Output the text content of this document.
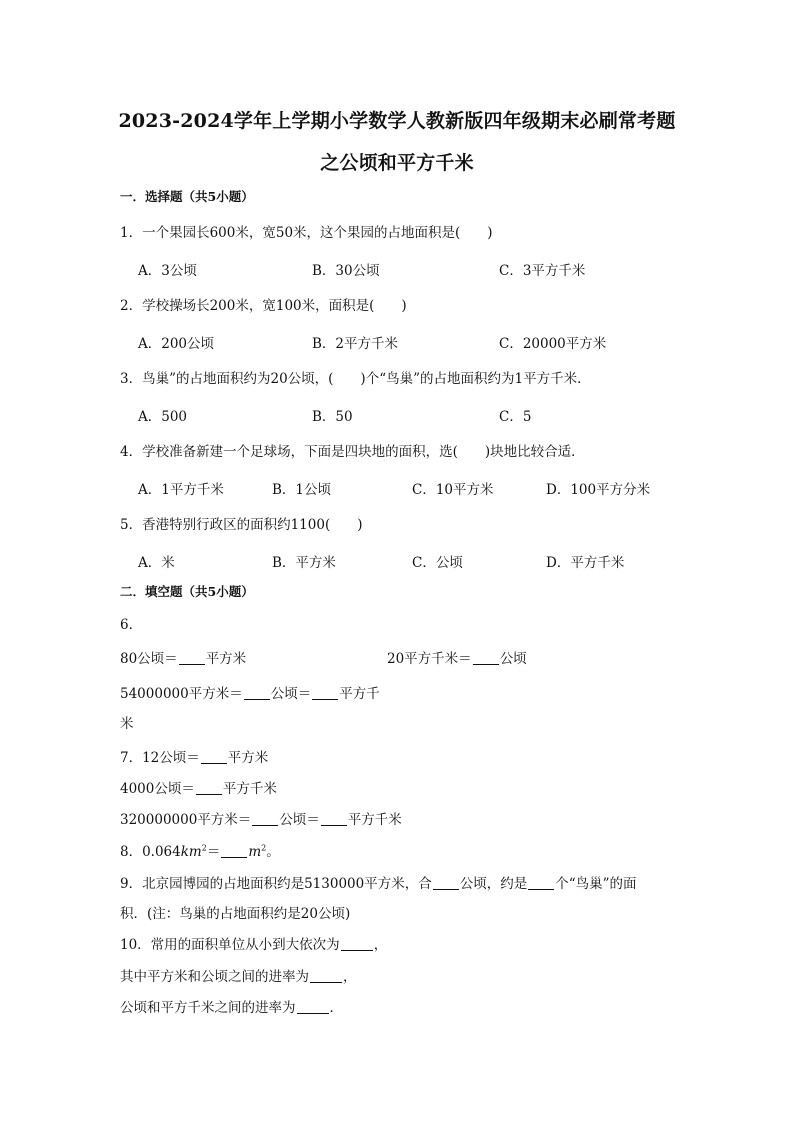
2023-2024学年上学期小学数学人教新版四年级期末必刷常考题
之公顷和平方千米
一．选择题（共5小题）
1．一个果园长600米，宽50米，这个果园的占地面积是(　　)
A．3公顷	B．30公顷	C．3平方千米
2．学校操场长200米，宽100米，面积是(　　)
A．200公顷	B．2平方千米	C．20000平方米
3．鸟巢”的占地面积约为20公顷，(　　)个“鸟巢”的占地面积约为1平方千米．
A．500	B．50	C．5
4．学校准备新建一个足球场，下面是四块地的面积，选(　　)块地比较合适．
A．1平方千米	B．1公顷	C．10平方米	D．100平方分米
5．香港特别行政区的面积约1100(　　)
A．米	B．平方米	C．公顷	D．平方千米
二．填空题（共5小题）
6．
80公顷＝ 平方米	20平方千米＝ 公顷
54000000平方米＝ 公顷＝ 平方千
米
7．12公顷＝ 平方米
4000公顷＝ 平方千米
320000000平方米＝ 公顷＝ 平方千米
8．$0.064km^2= m^2$。
9．北京园博园的占地面积约是5130000平方米，合 公顷，约是 个“鸟巢”的面
积．(注：鸟巢的占地面积约是20公顷)
10．常用的面积单位从小到大依次为	，
其中平方米和公顷之间的进率为	，
公顷和平方千米之间的进率为	．
